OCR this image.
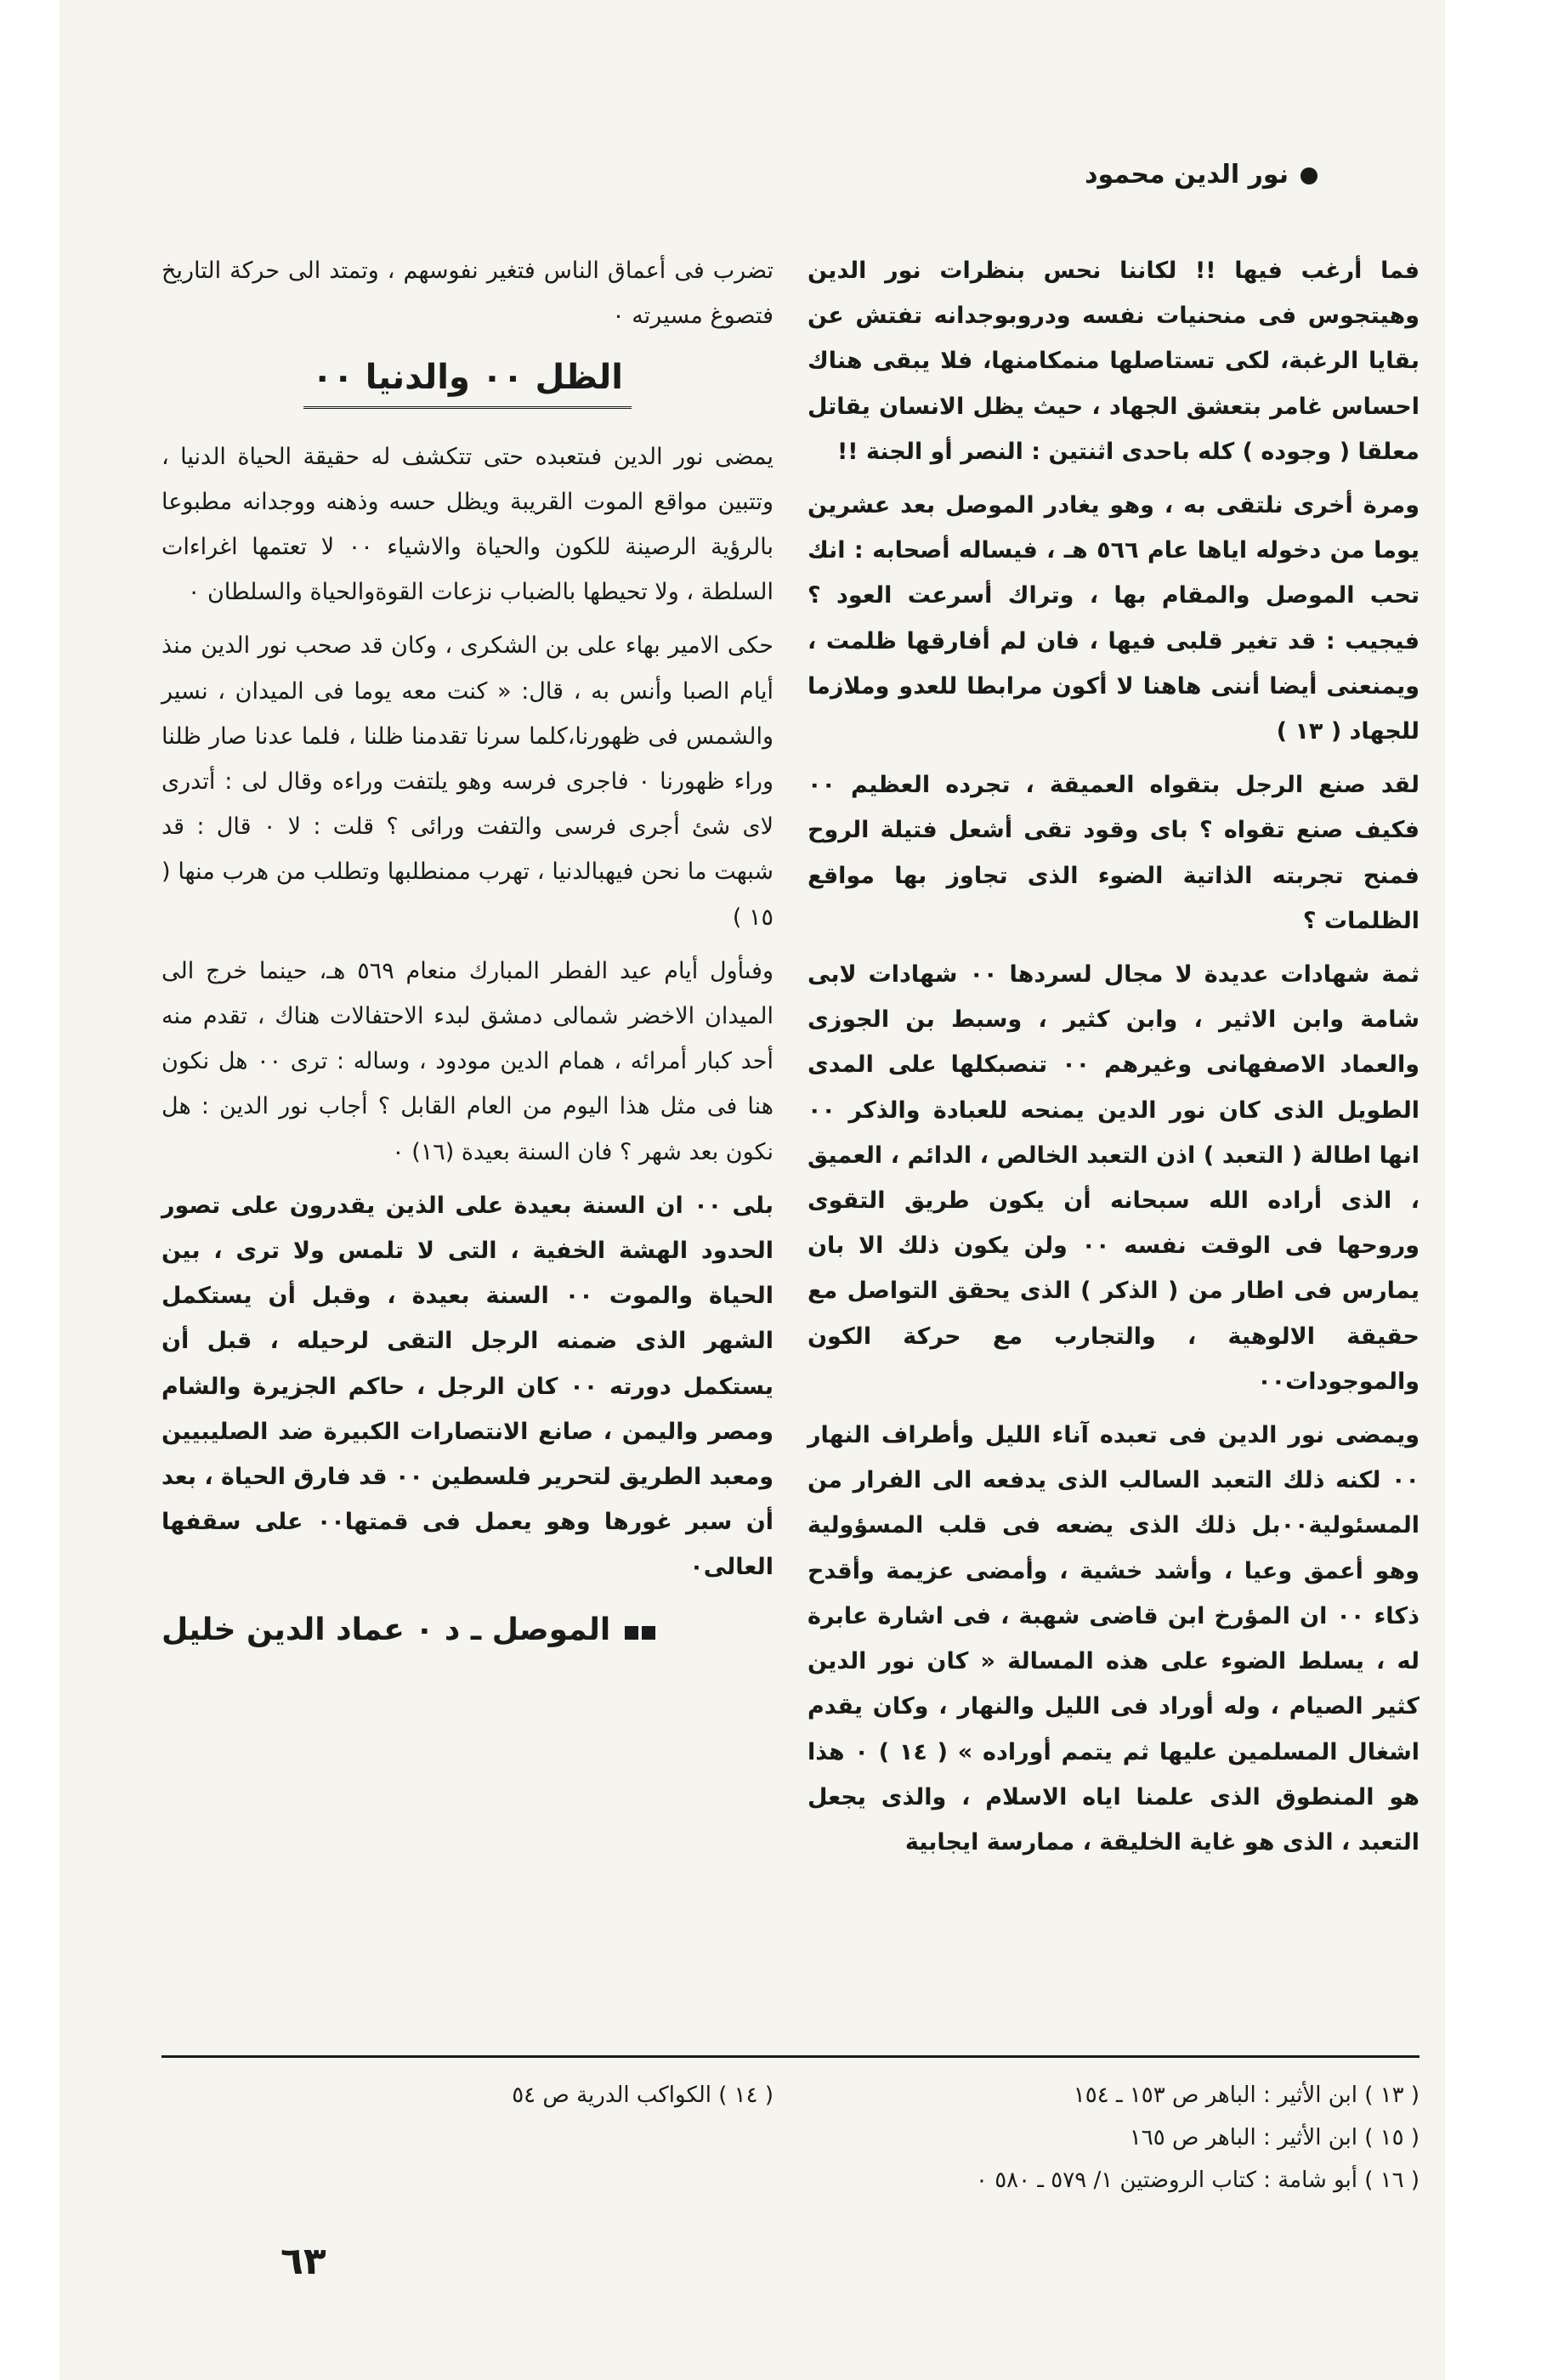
نور الدين محمود

فما أرغب فيها !! لكاننا نحس بنظرات نور الدين وهيتجوس فى منحنيات نفسه ودروبوجدانه تفتش عن بقايا الرغبة، لكى تستاصلها منمكامنها، فلا يبقى هناك احساس غامر بتعشق الجهاد ، حيث يظل الانسان يقاتل معلقا ( وجوده ) كله باحدى اثنتين : النصر أو الجنة !!

ومرة أخرى نلتقى به ، وهو يغادر الموصل بعد عشرين يوما من دخوله اياها عام ٥٦٦ هـ ، فيساله أصحابه : انك تحب الموصل والمقام بها ، وتراك أسرعت العود ؟ فيجيب : قد تغير قلبى فيها ، فان لم أفارقها ظلمت ، ويمنعنى أيضا أننى هاهنا لا أكون مرابطا للعدو وملازما للجهاد ( ١٣ )

لقد صنع الرجل بتقواه العميقة ، تجرده العظيم ٠٠ فكيف صنع تقواه ؟ باى وقود تقى أشعل فتيلة الروح فمنح تجربته الذاتية الضوء الذى تجاوز بها مواقع الظلمات ؟

ثمة شهادات عديدة لا مجال لسردها ٠٠ شهادات لابى شامة وابن الاثير ، وابن كثير ، وسبط بن الجوزى والعماد الاصفهانى وغيرهم ٠٠ تنصبكلها على المدى الطويل الذى كان نور الدين يمنحه للعبادة والذكر ٠٠ انها اطالة ( التعبد ) اذن التعبد الخالص ، الدائم ، العميق ، الذى أراده الله سبحانه أن يكون طريق التقوى وروحها فى الوقت نفسه ٠٠ ولن يكون ذلك الا بان يمارس فى اطار من ( الذكر ) الذى يحقق التواصل مع حقيقة الالوهية ، والتجارب مع حركة الكون والموجودات٠٠

ويمضى نور الدين فى تعبده آناء الليل وأطراف النهار ٠٠ لكنه ذلك التعبد السالب الذى يدفعه الى الفرار من المسئولية٠٠بل ذلك الذى يضعه فى قلب المسؤولية وهو أعمق وعيا ، وأشد خشية ، وأمضى عزيمة وأقدح ذكاء ٠٠ ان المؤرخ ابن قاضى شهبة ، فى اشارة عابرة له ، يسلط الضوء على هذه المسالة « كان نور الدين كثير الصيام ، وله أوراد فى الليل والنهار ، وكان يقدم اشغال المسلمين عليها ثم يتمم أوراده » ( ١٤ ) ٠ هذا هو المنطوق الذى علمنا اياه الاسلام ، والذى يجعل التعبد ، الذى هو غاية الخليقة ، ممارسة ايجابية

تضرب فى أعماق الناس فتغير نفوسهم ، وتمتد الى حركة التاريخ فتصوغ مسيرته ٠

الظل ٠٠ والدنيا ٠٠

يمضى نور الدين فىتعبده حتى تتكشف له حقيقة الحياة الدنيا ، وتتبين مواقع الموت القريبة ويظل حسه وذهنه ووجدانه مطبوعا بالرؤية الرصينة للكون والحياة والاشياء ٠٠ لا تعتمها اغراءات السلطة ، ولا تحيطها بالضباب نزعات القوةوالحياة والسلطان ٠

حكى الامير بهاء على بن الشكرى ، وكان قد صحب نور الدين منذ أيام الصبا وأنس به ، قال: « كنت معه يوما فى الميدان ، نسير والشمس فى ظهورنا،كلما سرنا تقدمنا ظلنا ، فلما عدنا صار ظلنا وراء ظهورنا ٠ فاجرى فرسه وهو يلتفت وراءه وقال لى : أتدرى لاى شئ أجرى فرسى والتفت ورائى ؟ قلت : لا ٠ قال : قد شبهت ما نحن فيهبالدنيا ، تهرب ممنطلبها وتطلب من هرب منها ( ١٥ )

وفىأول أيام عيد الفطر المبارك منعام ٥٦٩ هـ، حينما خرج الى الميدان الاخضر شمالى دمشق لبدء الاحتفالات هناك ، تقدم منه أحد كبار أمرائه ، همام الدين مودود ، وساله : ترى ٠٠ هل نكون هنا فى مثل هذا اليوم من العام القابل ؟ أجاب نور الدين : هل نكون بعد شهر ؟ فان السنة بعيدة (١٦) ٠

بلى ٠٠ ان السنة بعيدة على الذين يقدرون على تصور الحدود الهشة الخفية ، التى لا تلمس ولا ترى ، بين الحياة والموت ٠٠ السنة بعيدة ، وقبل أن يستكمل الشهر الذى ضمنه الرجل التقى لرحيله ، قبل أن يستكمل دورته ٠٠ كان الرجل ، حاكم الجزيرة والشام ومصر واليمن ، صانع الانتصارات الكبيرة ضد الصليبيين ومعبد الطريق لتحرير فلسطين ٠٠ قد فارق الحياة ، بعد أن سبر غورها وهو يعمل فى قمتها٠٠ على سقفها العالى٠

الموصل ـ د ٠ عماد الدين خليل
( ١٣ ) ابن الأثير : الباهر ص ١٥٣ ـ ١٥٤
( ١٤ ) الكواكب الدرية ص ٥٤
( ١٥ ) ابن الأثير : الباهر ص ١٦٥
( ١٦ ) أبو شامة : كتاب الروضتين ١/ ٥٧٩ ـ ٥٨٠ ٠
٦٣
